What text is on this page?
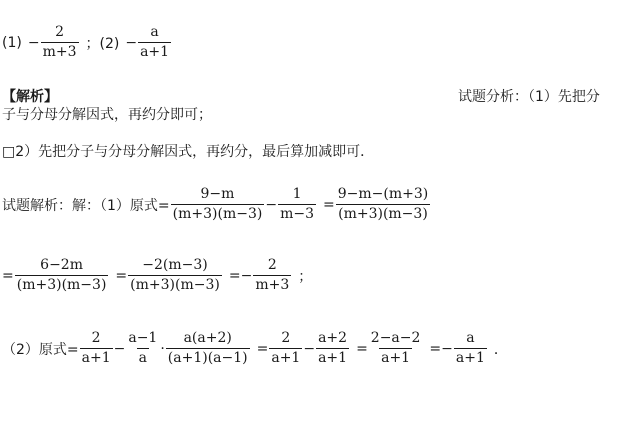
$(1) - \frac{2}{m+3}$ ；$(2) - \frac{a}{a+1}$
【解析】	试题分析：（1）先把分
子与分母分解因式，再约分即可；
□2）先把分子与分母分解因式，再约分，最后算加减即可．
试题解析：解：（1）原式= $\frac{9-m}{(m+3)(m-3)} - \frac{1}{m-3} = \frac{9-m-(m+3)}{(m+3)(m-3)}$
= $\frac{6-2m}{(m+3)(m-3)} = \frac{-2(m-3)}{(m+3)(m-3)} =- \frac{2}{m+3}$ ；
（2）原式= $\frac{2}{a+1} - \frac{a-1}{a} \cdot \frac{a(a+2)}{(a+1)(a-1)} = \frac{2}{a+1} - \frac{a+2}{a+1} = \frac{2-a-2}{a+1} =- \frac{a}{a+1}$ ．
